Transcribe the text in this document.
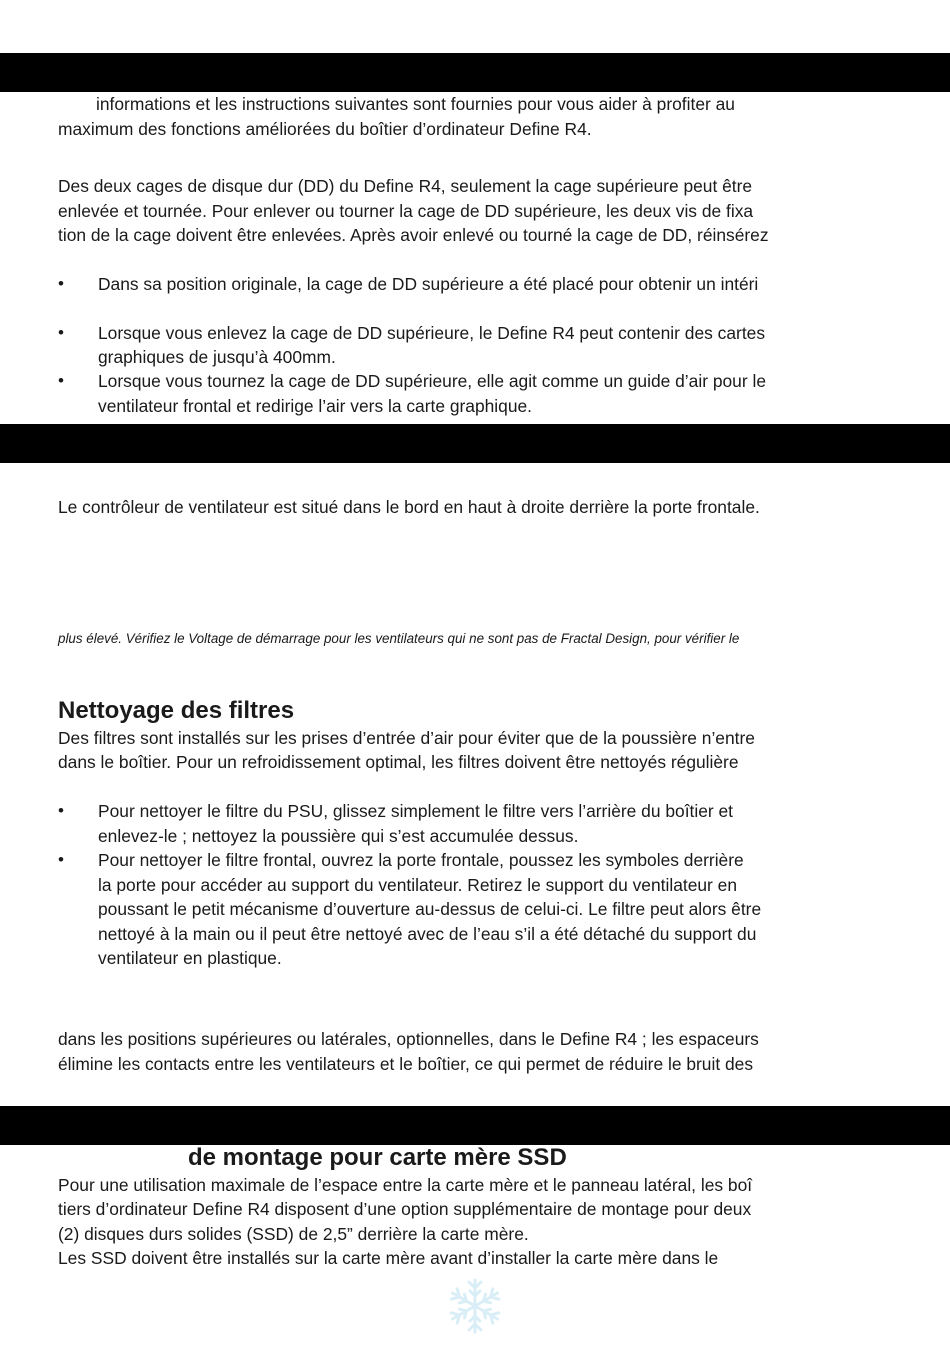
informations et les instructions suivantes sont fournies pour vous aider à profiter au
maximum des fonctions améliorées du boîtier d’ordinateur Define R4.
Des deux cages de disque dur (DD) du Define R4, seulement la cage supérieure peut être
enlevée et tournée. Pour enlever ou tourner la cage de DD supérieure, les deux vis de fixa
tion de la cage doivent être enlevées. Après avoir enlevé ou tourné la cage de DD, réinsérez
• Dans sa position originale, la cage de DD supérieure a été placé pour obtenir un intéri
• Lorsque vous enlevez la cage de DD supérieure, le Define R4 peut contenir des cartes
graphiques de jusqu’à 400mm.
• Lorsque vous tournez la cage de DD supérieure, elle agit comme un guide d’air pour le
ventilateur frontal et redirige l’air vers la carte graphique.
Le contrôleur de ventilateur est situé dans le bord en haut à droite derrière la porte frontale.
plus élevé. Vérifiez le Voltage de démarrage pour les ventilateurs qui ne sont pas de Fractal Design, pour vérifier le
Nettoyage des filtres
Des filtres sont installés sur les prises d’entrée d’air pour éviter que de la poussière n’entre
dans le boîtier. Pour un refroidissement optimal, les filtres doivent être nettoyés régulière
• Pour nettoyer le filtre du PSU, glissez simplement le filtre vers l’arrière du boîtier et
enlevez-le ; nettoyez la poussière qui s’est accumulée dessus.
• Pour nettoyer le filtre frontal, ouvrez la porte frontale, poussez les symboles derrière
la porte pour accéder au support du ventilateur. Retirez le support du ventilateur en
poussant le petit mécanisme d’ouverture au-dessus de celui-ci. Le filtre peut alors être
nettoyé à la main ou il peut être nettoyé avec de l’eau s’il a été détaché du support du
ventilateur en plastique.
dans les positions supérieures ou latérales, optionnelles, dans le Define R4 ; les espaceurs
élimine les contacts entre les ventilateurs et le boîtier, ce qui permet de réduire le bruit des
de montage pour carte mère SSD
Pour une utilisation maximale de l’espace entre la carte mère et le panneau latéral, les boî
tiers d’ordinateur Define R4 disposent d’une option supplémentaire de montage pour deux
(2) disques durs solides (SSD) de 2,5” derrière la carte mère.
Les SSD doivent être installés sur la carte mère avant d’installer la carte mère dans le
